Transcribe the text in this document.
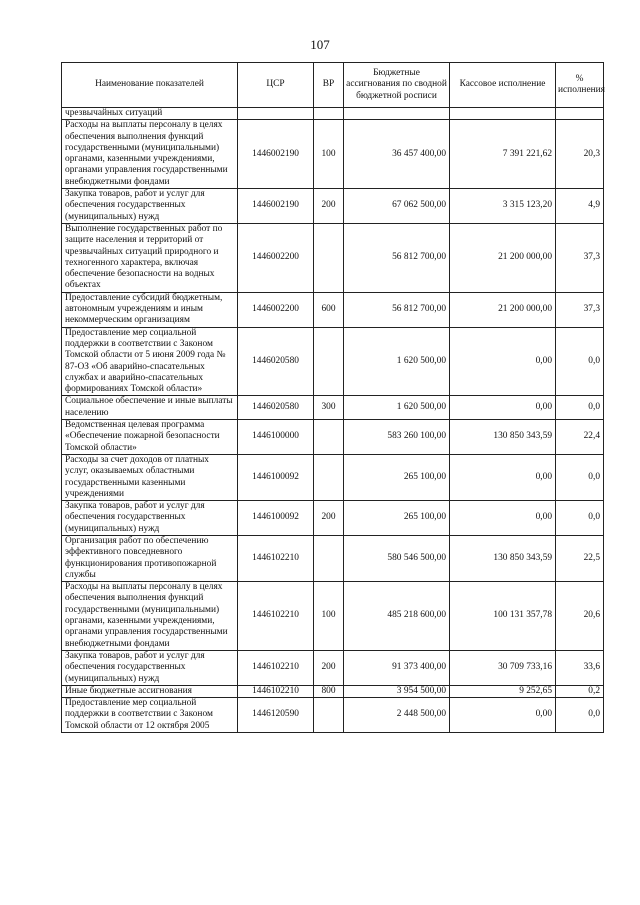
107
Наименование показателей	ЦСР	ВР	Бюджетные ассигнования по сводной бюджетной росписи	Кассовое исполнение	% исполнения
чрезвычайных ситуаций					
Расходы на выплаты персоналу в целях обеспечения выполнения функций государственными (муниципальными) органами, казенными учреждениями, органами управления государственными внебюджетными фондами	1446002190	100	36 457 400,00	7 391 221,62	20,3
Закупка товаров, работ и услуг для обеспечения государственных (муниципальных) нужд	1446002190	200	67 062 500,00	3 315 123,20	4,9
Выполнение государственных работ по защите населения и территорий от чрезвычайных ситуаций природного и техногенного характера, включая обеспечение безопасности на водных объектах	1446002200		56 812 700,00	21 200 000,00	37,3
Предоставление субсидий бюджетным, автономным учреждениям и иным некоммерческим организациям	1446002200	600	56 812 700,00	21 200 000,00	37,3
Предоставление мер социальной поддержки в соответствии с Законом Томской области от 5 июня 2009 года № 87-ОЗ «Об аварийно-спасательных службах и аварийно-спасательных формированиях Томской области»	1446020580		1 620 500,00	0,00	0,0
Социальное обеспечение и иные выплаты населению	1446020580	300	1 620 500,00	0,00	0,0
Ведомственная целевая программа «Обеспечение пожарной безопасности Томской области»	1446100000		583 260 100,00	130 850 343,59	22,4
Расходы за счет доходов от платных услуг, оказываемых областными государственными казенными учреждениями	1446100092		265 100,00	0,00	0,0
Закупка товаров, работ и услуг для обеспечения государственных (муниципальных) нужд	1446100092	200	265 100,00	0,00	0,0
Организация работ по обеспечению эффективного повседневного функционирования противопожарной службы	1446102210		580 546 500,00	130 850 343,59	22,5
Расходы на выплаты персоналу в целях обеспечения выполнения функций государственными (муниципальными) органами, казенными учреждениями, органами управления государственными внебюджетными фондами	1446102210	100	485 218 600,00	100 131 357,78	20,6
Закупка товаров, работ и услуг для обеспечения государственных (муниципальных) нужд	1446102210	200	91 373 400,00	30 709 733,16	33,6
Иные бюджетные ассигнования	1446102210	800	3 954 500,00	9 252,65	0,2
Предоставление мер социальной поддержки в соответствии с Законом Томской области от 12 октября 2005	1446120590		2 448 500,00	0,00	0,0
